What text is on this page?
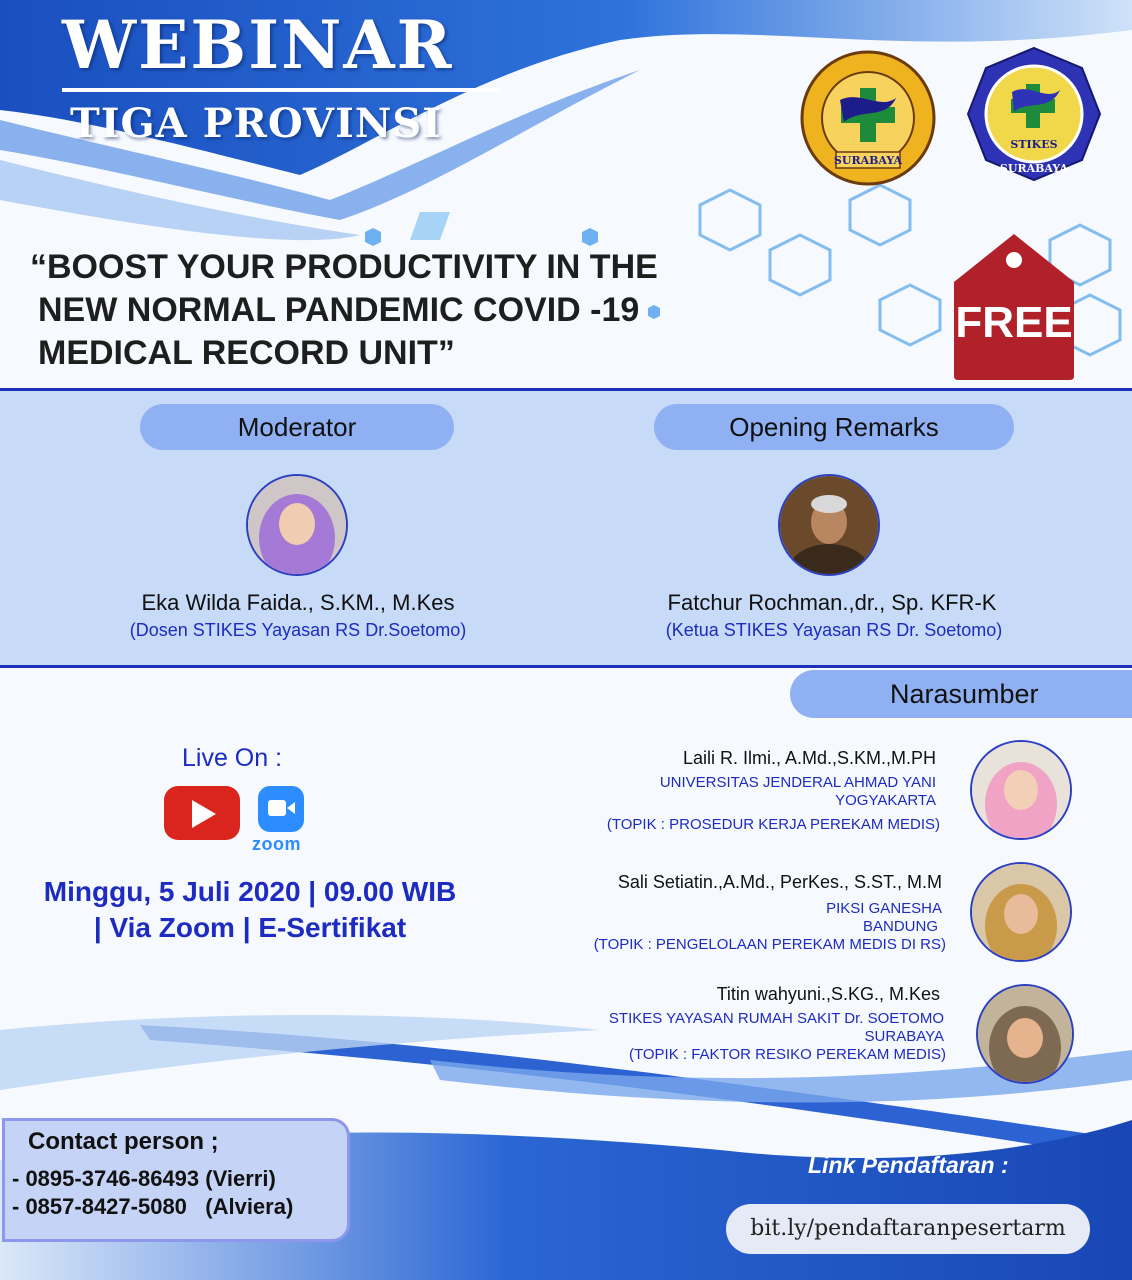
WEBINAR
TIGA PROVINSI
SURABAYA
STIKES
SURABAYA
“BOOST YOUR PRODUCTIVITY IN THE
NEW NORMAL PANDEMIC COVID -19
MEDICAL RECORD UNIT”
FREE
Moderator	Opening Remarks
Eka Wilda Faida., S.KM., M.Kes
(Dosen STIKES Yayasan RS Dr.Soetomo)
Fatchur Rochman.,dr., Sp. KFR-K
(Ketua STIKES Yayasan RS Dr. Soetomo)
Narasumber
Laili R. Ilmi., A.Md.,S.KM.,M.PH
UNIVERSITAS JENDERAL AHMAD YANI
YOGYAKARTA
(TOPIK : PROSEDUR KERJA PEREKAM MEDIS)
Sali Setiatin.,A.Md., PerKes., S.ST., M.M
PIKSI GANESHA
BANDUNG
(TOPIK : PENGELOLAAN PEREKAM MEDIS DI RS)
Titin wahyuni.,S.KG., M.Kes
STIKES YAYASAN RUMAH SAKIT Dr. SOETOMO
SURABAYA
(TOPIK : FAKTOR RESIKO PEREKAM MEDIS)
Live On :
zoom
Minggu, 5 Juli 2020 | 09.00 WIB
| Via Zoom | E-Sertifikat
Contact person ;
- 0895-3746-86493 (Vierri)
- 0857-8427-5080   (Alviera)
Link Pendaftaran :
bit.ly/pendaftaranpesertarm
